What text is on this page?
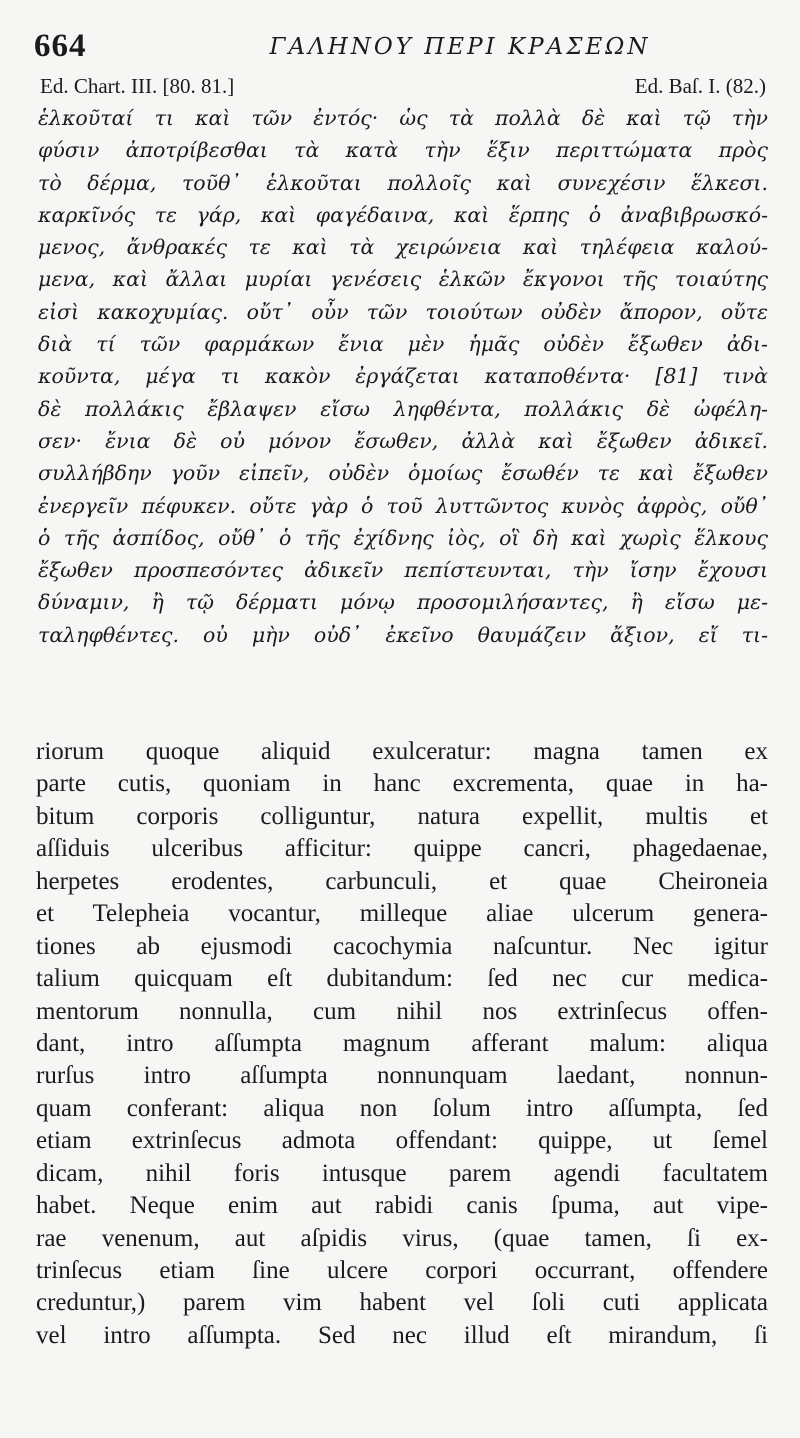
664	ΓΑΛΗΝΟΥ ΠΕΡΙ ΚΡΑΣΕΩΝ
Ed. Chart. III. [80. 81.]	Ed. Baſ. I. (82.)
ἑλκοῦταί τι καὶ τῶν ἐντός· ὡς τὰ πολλὰ δὲ καὶ τῷ τὴν
φύσιν ἀποτρίβεσθαι τὰ κατὰ τὴν ἕξιν περιττώματα πρὸς
τὸ δέρμα, τοῦθ᾽ ἑλκοῦται πολλοῖς καὶ συνεχέσιν ἕλκεσι.
καρκῖνός τε γάρ, καὶ φαγέδαινα, καὶ ἕρπης ὁ ἀναβιβρωσκό-
μενος, ἄνθρακές τε καὶ τὰ χειρώνεια καὶ τηλέφεια καλού-
μενα, καὶ ἄλλαι μυρίαι γενέσεις ἑλκῶν ἔκγονοι τῆς τοιαύτης
εἰσὶ κακοχυμίας. οὔτ᾽ οὖν τῶν τοιούτων οὐδὲν ἄπορον, οὔτε
διὰ τί τῶν φαρμάκων ἔνια μὲν ἡμᾶς οὐδὲν ἔξωθεν ἀδι-
κοῦντα, μέγα τι κακὸν ἐργάζεται καταποθέντα· [81] τινὰ
δὲ πολλάκις ἔβλαψεν εἴσω ληφθέντα, πολλάκις δὲ ὠφέλη-
σεν· ἔνια δὲ οὐ μόνον ἔσωθεν, ἀλλὰ καὶ ἔξωθεν ἀδικεῖ.
συλλήβδην γοῦν εἰπεῖν, οὐδὲν ὁμοίως ἔσωθέν τε καὶ ἔξωθεν
ἐνεργεῖν πέφυκεν. οὔτε γὰρ ὁ τοῦ λυττῶντος κυνὸς ἀφρὸς, οὔθ᾽
ὁ τῆς ἀσπίδος, οὔθ᾽ ὁ τῆς ἐχίδνης ἰὸς, οἳ δὴ καὶ χωρὶς ἕλκους
ἔξωθεν προσπεσόντες ἀδικεῖν πεπίστευνται, τὴν ἴσην ἔχουσι
δύναμιν, ἢ τῷ δέρματι μόνῳ προσομιλήσαντες, ἢ εἴσω με-
ταληφθέντες. οὐ μὴν οὐδ᾽ ἐκεῖνο θαυμάζειν ἄξιον, εἴ τι-
riorum quoque aliquid exulceratur: magna tamen ex
parte cutis, quoniam in hanc excrementa, quae in ha-
bitum corporis colliguntur, natura expellit, multis et
aſſiduis ulceribus afficitur: quippe cancri, phagedaenae,
herpetes erodentes, carbunculi, et quae Cheironeia
et Telepheia vocantur, milleque aliae ulcerum genera-
tiones ab ejusmodi cacochymia naſcuntur. Nec igitur
talium quicquam eſt dubitandum: ſed nec cur medica-
mentorum nonnulla, cum nihil nos extrinſecus offen-
dant, intro aſſumpta magnum afferant malum: aliqua
rurſus intro aſſumpta nonnunquam laedant, nonnun-
quam conferant: aliqua non ſolum intro aſſumpta, ſed
etiam extrinſecus admota offendant: quippe, ut ſemel
dicam, nihil foris intusque parem agendi facultatem
habet. Neque enim aut rabidi canis ſpuma, aut vipe-
rae venenum, aut aſpidis virus, (quae tamen, ſi ex-
trinſecus etiam ſine ulcere corpori occurrant, offendere
creduntur,) parem vim habent vel ſoli cuti applicata
vel intro aſſumpta. Sed nec illud eſt mirandum, ſi
